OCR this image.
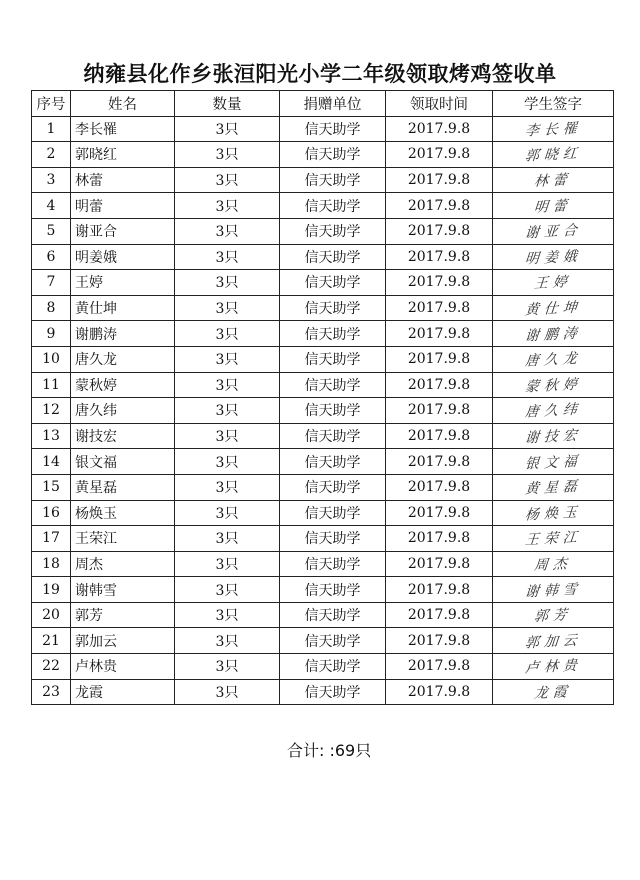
纳雍县化作乡张洹阳光小学二年级领取烤鸡签收单
序号	姓名	数量	捐赠单位	领取时间	学生签字
1	李长罹	3只	信天助学	2017.9.8	李长罹
2	郭晓红	3只	信天助学	2017.9.8	郭晓红
3	林蕾	3只	信天助学	2017.9.8	林蕾
4	明蕾	3只	信天助学	2017.9.8	明蕾
5	谢亚合	3只	信天助学	2017.9.8	谢亚合
6	明姜娥	3只	信天助学	2017.9.8	明姜娥
7	王婷	3只	信天助学	2017.9.8	王婷
8	黄仕坤	3只	信天助学	2017.9.8	黄仕坤
9	谢鹏涛	3只	信天助学	2017.9.8	谢鹏涛
10	唐久龙	3只	信天助学	2017.9.8	唐久龙
11	蒙秋婷	3只	信天助学	2017.9.8	蒙秋婷
12	唐久纬	3只	信天助学	2017.9.8	唐久纬
13	谢技宏	3只	信天助学	2017.9.8	谢技宏
14	银文福	3只	信天助学	2017.9.8	银文福
15	黄星磊	3只	信天助学	2017.9.8	黄星磊
16	杨焕玉	3只	信天助学	2017.9.8	杨焕玉
17	王荣江	3只	信天助学	2017.9.8	王荣江
18	周杰	3只	信天助学	2017.9.8	周杰
19	谢韩雪	3只	信天助学	2017.9.8	谢韩雪
20	郭芳	3只	信天助学	2017.9.8	郭芳
21	郭加云	3只	信天助学	2017.9.8	郭加云
22	卢林贵	3只	信天助学	2017.9.8	卢林贵
23	龙霞	3只	信天助学	2017.9.8	龙霞
合计: :69只
